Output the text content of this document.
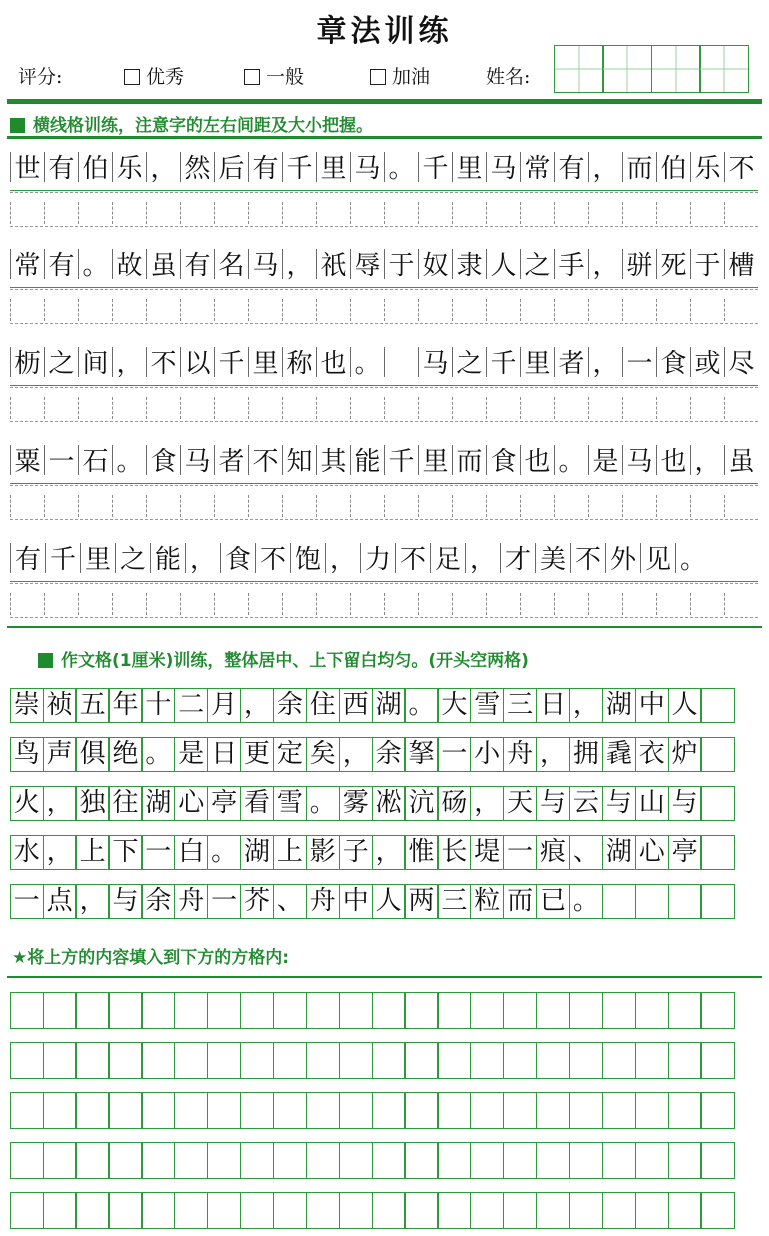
章法训练
评分:	优秀	一般	加油	姓名:
横线格训练，注意字的左右间距及大小把握。
世 有 伯 乐 ， 然 后 有 千 里 马 。 千 里 马 常 有 ， 而 伯 乐 不
常 有 。 故 虽 有 名 马 ， 祇 辱 于 奴 隶 人 之 手 ， 骈 死 于 槽
枥 之 间 ， 不 以 千 里 称 也 。 马 之 千 里 者 ， 一 食 或 尽
粟 一 石 。 食 马 者 不 知 其 能 千 里 而 食 也 。 是 马 也 ， 虽
有 千 里 之 能 ， 食 不 饱 ， 力 不 足 ， 才 美 不 外 见 。
作文格(1厘米)训练，整体居中、上下留白均匀。(开头空两格)
崇 祯 五 年 十 二 月 ， 余 住 西 湖 。 大 雪 三 日 ， 湖 中 人
鸟 声 俱 绝 。 是 日 更 定 矣 ， 余 拏 一 小 舟 ， 拥 毳 衣 炉
火 ， 独 往 湖 心 亭 看 雪 。 雾 凇 沆 砀 ， 天 与 云 与 山 与
水 ， 上 下 一 白 。 湖 上 影 子 ， 惟 长 堤 一 痕 、 湖 心 亭
一 点 ， 与 余 舟 一 芥 、 舟 中 人 两 三 粒 而 已 。
★将上方的内容填入到下方的方格内:
